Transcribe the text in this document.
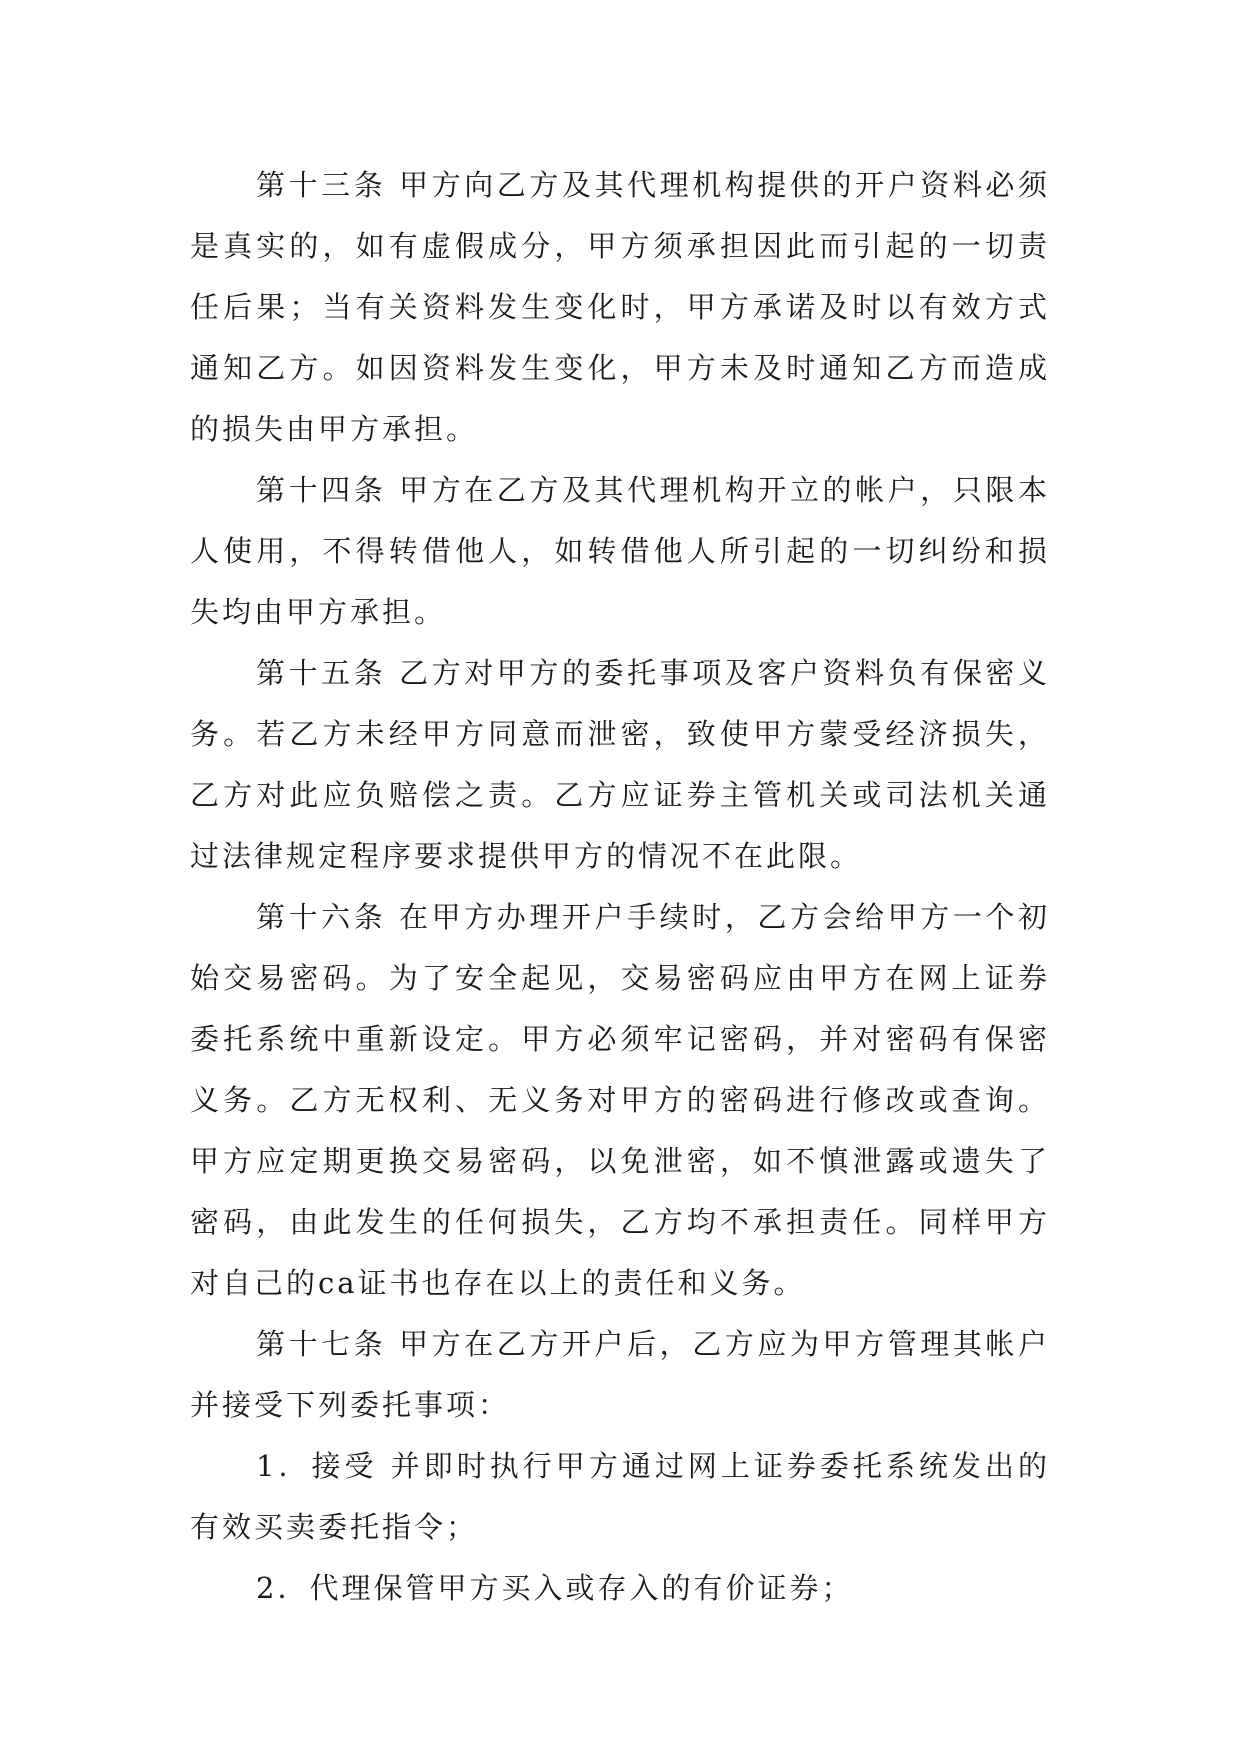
第十三条 甲方向乙方及其代理机构提供的开户资料必须是真实的，如有虚假成分，甲方须承担因此而引起的一切责任后果；当有关资料发生变化时，甲方承诺及时以有效方式通知乙方。如因资料发生变化，甲方未及时通知乙方而造成的损失由甲方承担。

第十四条 甲方在乙方及其代理机构开立的帐户，只限本人使用，不得转借他人，如转借他人所引起的一切纠纷和损失均由甲方承担。

第十五条 乙方对甲方的委托事项及客户资料负有保密义务。若乙方未经甲方同意而泄密，致使甲方蒙受经济损失，乙方对此应负赔偿之责。乙方应证券主管机关或司法机关通过法律规定程序要求提供甲方的情况不在此限。

第十六条 在甲方办理开户手续时，乙方会给甲方一个初始交易密码。为了安全起见，交易密码应由甲方在网上证券委托系统中重新设定。甲方必须牢记密码，并对密码有保密义务。乙方无权利、无义务对甲方的密码进行修改或查询。甲方应定期更换交易密码，以免泄密，如不慎泄露或遗失了密码，由此发生的任何损失，乙方均不承担责任。同样甲方对自己的ca证书也存在以上的责任和义务。

第十七条 甲方在乙方开户后，乙方应为甲方管理其帐户并接受下列委托事项：

1．接受 并即时执行甲方通过网上证券委托系统发出的有效买卖委托指令；

2．代理保管甲方买入或存入的有价证券；
